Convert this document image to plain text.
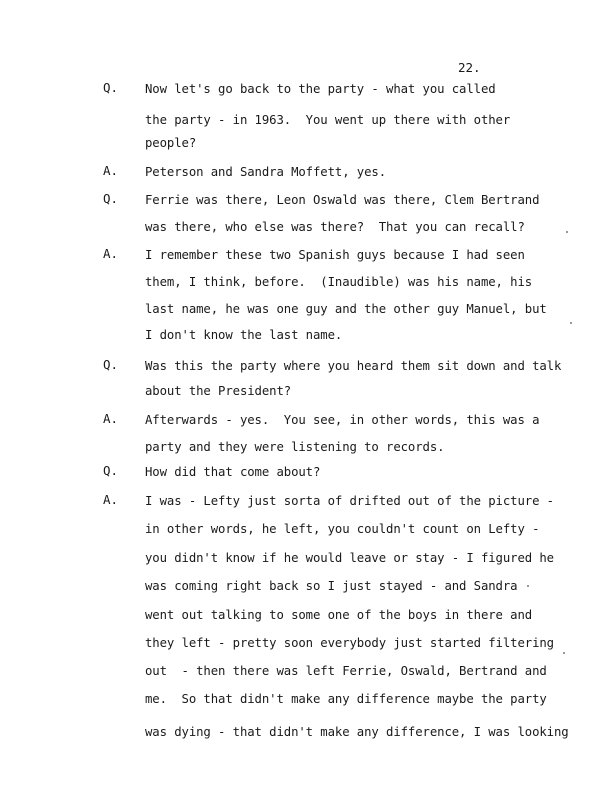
22.
Q. Now let's go back to the party - what you called
the party - in 1963.  You went up there with other
people?
A. Peterson and Sandra Moffett, yes.
Q. Ferrie was there, Leon Oswald was there, Clem Bertrand
was there, who else was there?  That you can recall?
A. I remember these two Spanish guys because I had seen
them, I think, before.  (Inaudible) was his name, his
last name, he was one guy and the other guy Manuel, but
I don't know the last name.
Q. Was this the party where you heard them sit down and talk
about the President?
A. Afterwards - yes.  You see, in other words, this was a
party and they were listening to records.
Q. How did that come about?
A. I was - Lefty just sorta of drifted out of the picture -
in other words, he left, you couldn't count on Lefty -
you didn't know if he would leave or stay - I figured he
was coming right back so I just stayed - and Sandra
went out talking to some one of the boys in there and
they left - pretty soon everybody just started filtering
out  - then there was left Ferrie, Oswald, Bertrand and
me.  So that didn't make any difference maybe the party
was dying - that didn't make any difference, I was looking
